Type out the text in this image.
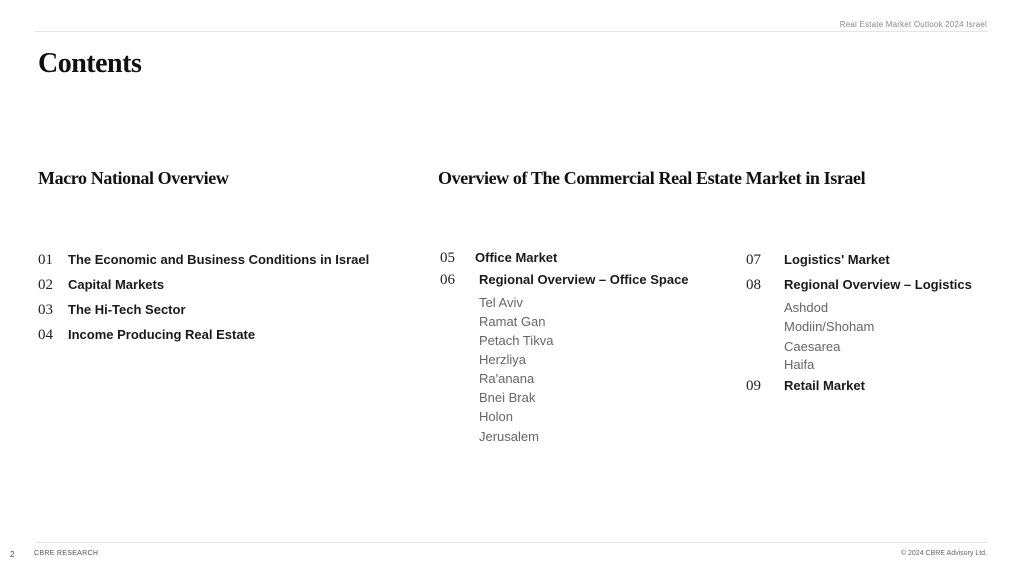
Real Estate Market Outlook 2024 Israel
Contents
Macro National Overview
01	The Economic and Business Conditions in Israel
02	Capital Markets
03	The Hi-Tech Sector
04	Income Producing Real Estate
Overview of The Commercial Real Estate Market in Israel
05	Office Market
06	Regional Overview – Office Space
Tel Aviv
Ramat Gan
Petach Tikva
Herzliya
Ra'anana
Bnei Brak
Holon
Jerusalem
07	Logistics' Market
08	Regional Overview – Logistics
Ashdod
Modiin/Shoham
Caesarea
Haifa
09	Retail Market
2	CBRE RESEARCH	© 2024 CBRE Advisory Ltd.
